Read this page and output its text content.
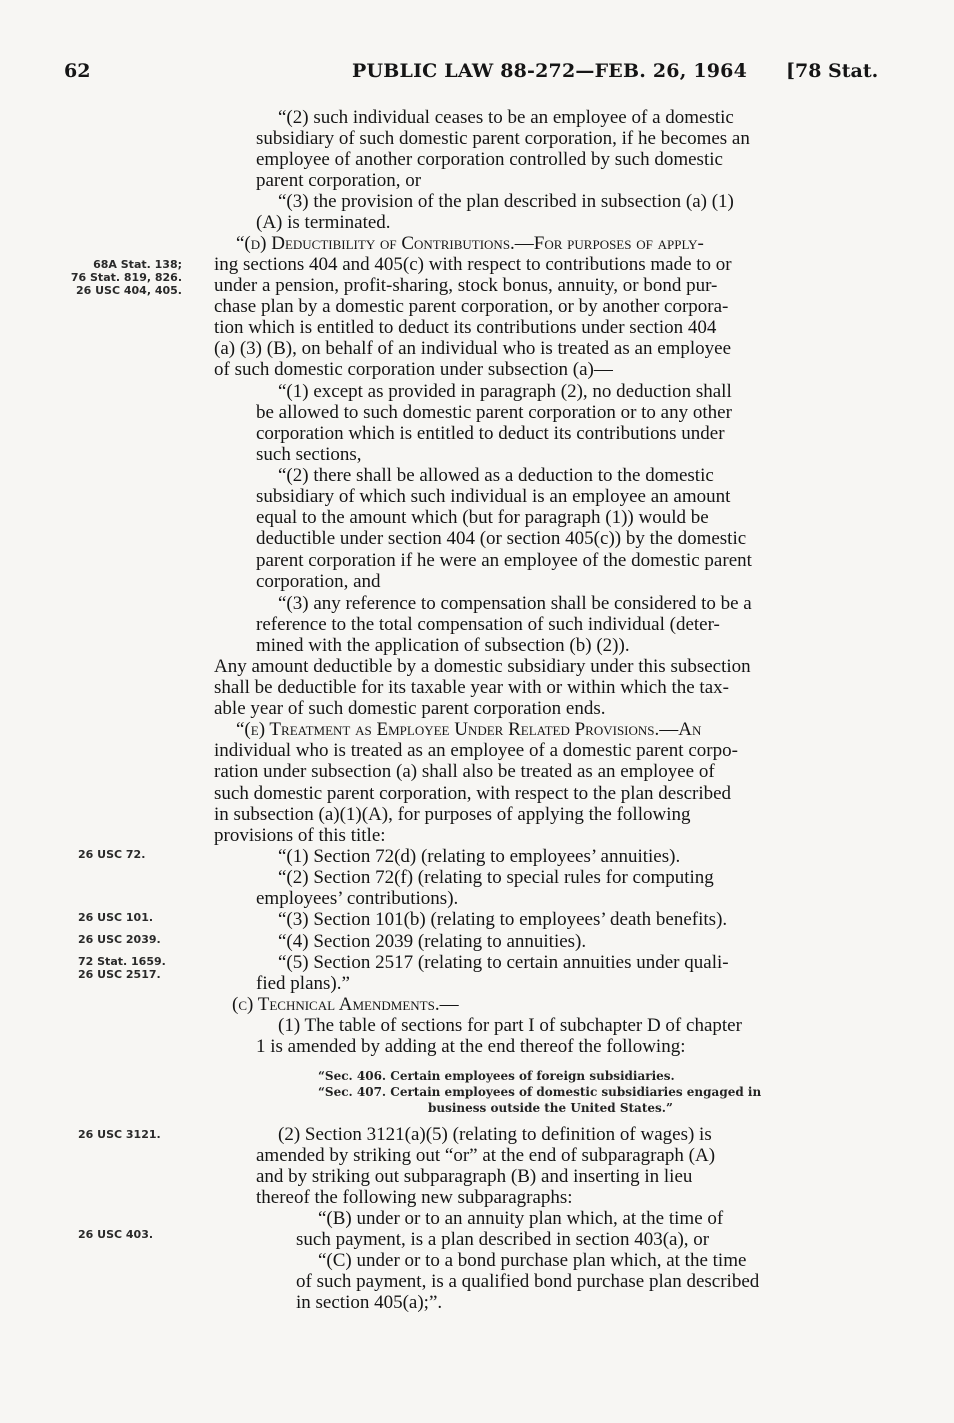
62	PUBLIC LAW 88-272—FEB. 26, 1964 [78 Stat.
68A Stat. 138;
76 Stat. 819, 826.
26 USC 404, 405.
26 USC 72.
26 USC 101.
26 USC 2039.
72 Stat. 1659.
26 USC 2517.
26 USC 3121.
26 USC 403.
“(2) such individual ceases to be an employee of a domestic
subsidiary of such domestic parent corporation, if he becomes an
employee of another corporation controlled by such domestic
parent corporation, or
“(3) the provision of the plan described in subsection (a) (1)
(A) is terminated.
“(d) Deductibility of Contributions.—For purposes of apply-
ing sections 404 and 405(c) with respect to contributions made to or
under a pension, profit-sharing, stock bonus, annuity, or bond pur-
chase plan by a domestic parent corporation, or by another corpora-
tion which is entitled to deduct its contributions under section 404
(a) (3) (B), on behalf of an individual who is treated as an employee
of such domestic corporation under subsection (a)—
“(1) except as provided in paragraph (2), no deduction shall
be allowed to such domestic parent corporation or to any other
corporation which is entitled to deduct its contributions under
such sections,
“(2) there shall be allowed as a deduction to the domestic
subsidiary of which such individual is an employee an amount
equal to the amount which (but for paragraph (1)) would be
deductible under section 404 (or section 405(c)) by the domestic
parent corporation if he were an employee of the domestic parent
corporation, and
“(3) any reference to compensation shall be considered to be a
reference to the total compensation of such individual (deter-
mined with the application of subsection (b) (2)).
Any amount deductible by a domestic subsidiary under this subsection
shall be deductible for its taxable year with or within which the tax-
able year of such domestic parent corporation ends.
“(e) Treatment as Employee Under Related Provisions.—An
individual who is treated as an employee of a domestic parent corpo-
ration under subsection (a) shall also be treated as an employee of
such domestic parent corporation, with respect to the plan described
in subsection (a)(1)(A), for purposes of applying the following
provisions of this title:
“(1) Section 72(d) (relating to employees’ annuities).
“(2) Section 72(f) (relating to special rules for computing
employees’ contributions).
“(3) Section 101(b) (relating to employees’ death benefits).
“(4) Section 2039 (relating to annuities).
“(5) Section 2517 (relating to certain annuities under quali-
fied plans).”
(c) Technical Amendments.—
(1) The table of sections for part I of subchapter D of chapter
1 is amended by adding at the end thereof the following:
“Sec. 406. Certain employees of foreign subsidiaries.
“Sec. 407. Certain employees of domestic subsidiaries engaged in
business outside the United States.”
(2) Section 3121(a)(5) (relating to definition of wages) is
amended by striking out “or” at the end of subparagraph (A)
and by striking out subparagraph (B) and inserting in lieu
thereof the following new subparagraphs:
“(B) under or to an annuity plan which, at the time of
such payment, is a plan described in section 403(a), or
“(C) under or to a bond purchase plan which, at the time
of such payment, is a qualified bond purchase plan described
in section 405(a);”.
